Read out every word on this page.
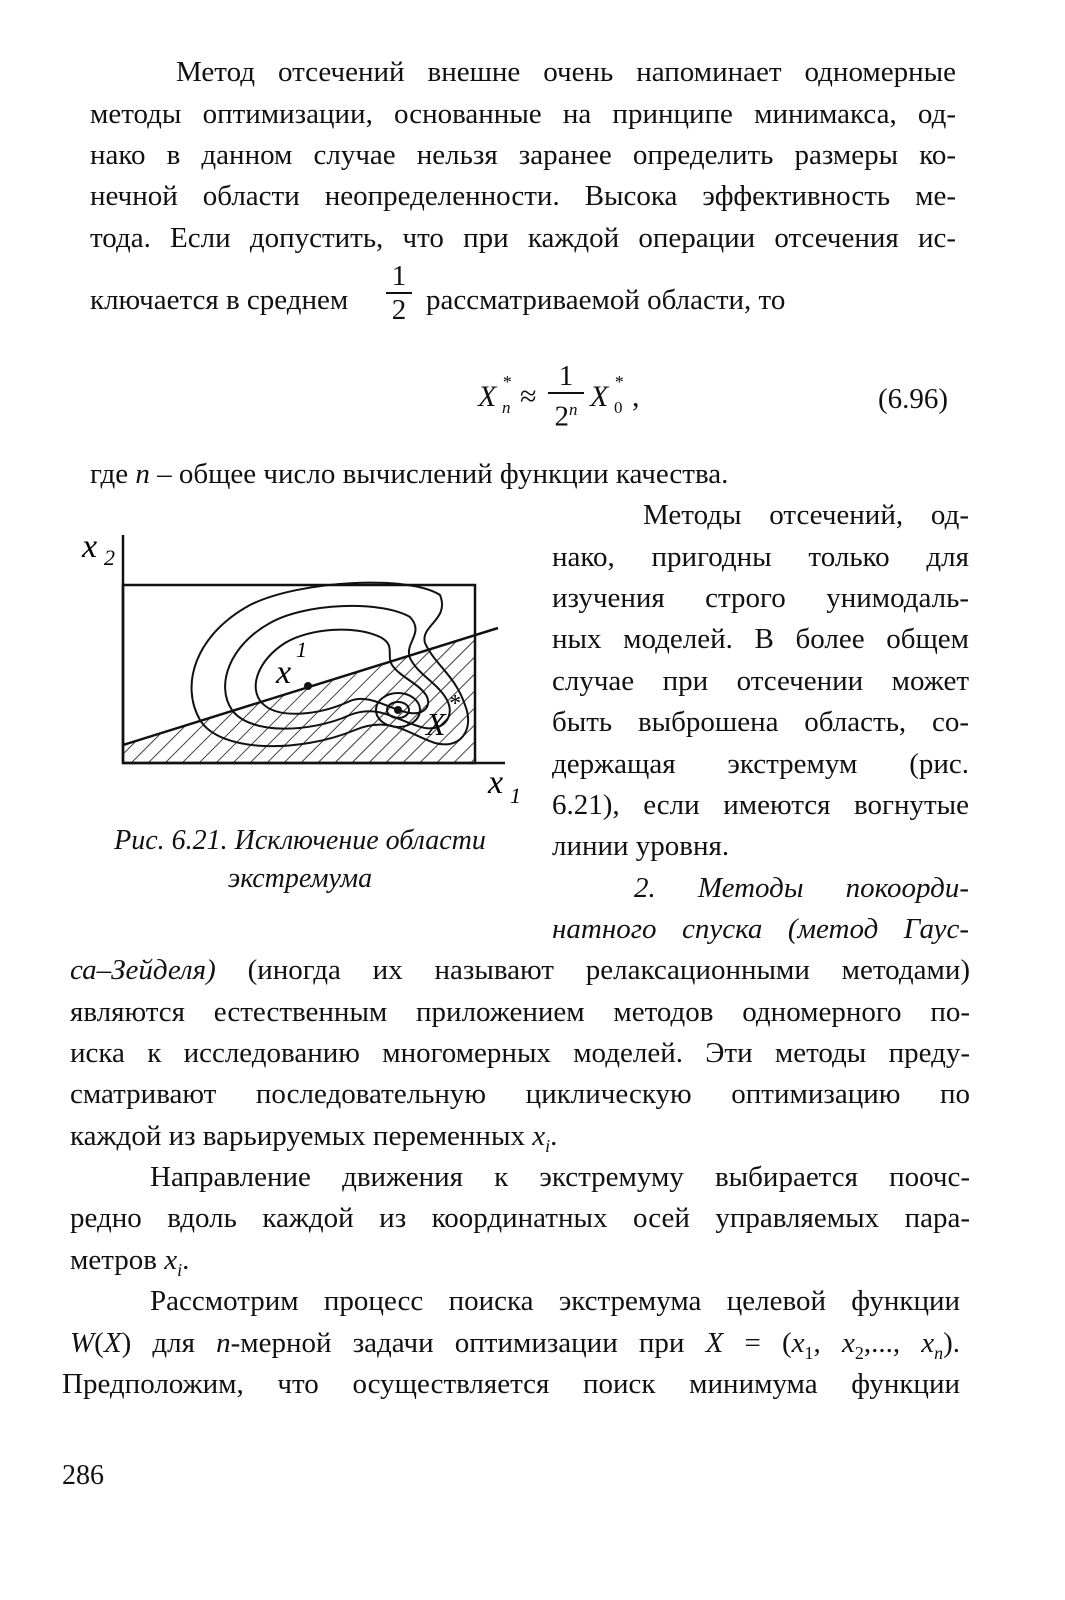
Метод отсечений внешне очень напоминает одномерные
методы оптимизации, основанные на принципе минимакса, од-
нако в данном случае нельзя заранее определить размеры ко-
нечной области неопределенности. Высока эффективность ме-
тода. Если допустить, что при каждой операции отсечения ис-
ключается в среднем
1
2 рассматриваемой области, то
X *
n ≈
1
2$^n$ X *
0 ,	(6.96)
где n – общее число вычислений функции качества.
x 2
x 1
x
1
X
*
Рис. 6.21. Исключение области
экстремума
Методы отсечений, од-
нако, пригодны только для
изучения строго унимодаль-
ных моделей. В более общем
случае при отсечении может
быть выброшена область, со-
держащая экстремум (рис.
6.21), если имеются вогнутые
линии уровня.
2. Методы покоорди-
натного спуска (метод Гаус-
са–Зейделя) (иногда их называют релаксационными методами)
являются естественным приложением методов одномерного по-
иска к исследованию многомерных моделей. Эти методы преду-
сматривают последовательную циклическую оптимизацию по
каждой из варьируемых переменных $x_i$.
Направление движения к экстремуму выбирается поочс-
редно вдоль каждой из координатных осей управляемых пара-
метров $x_i$.
Рассмотрим процесс поиска экстремума целевой функции
W(X) для n-мерной задачи оптимизации при $X = (x_1$, $x_2$,..., $x_n$).
Предположим, что осуществляется поиск минимума функции
286
